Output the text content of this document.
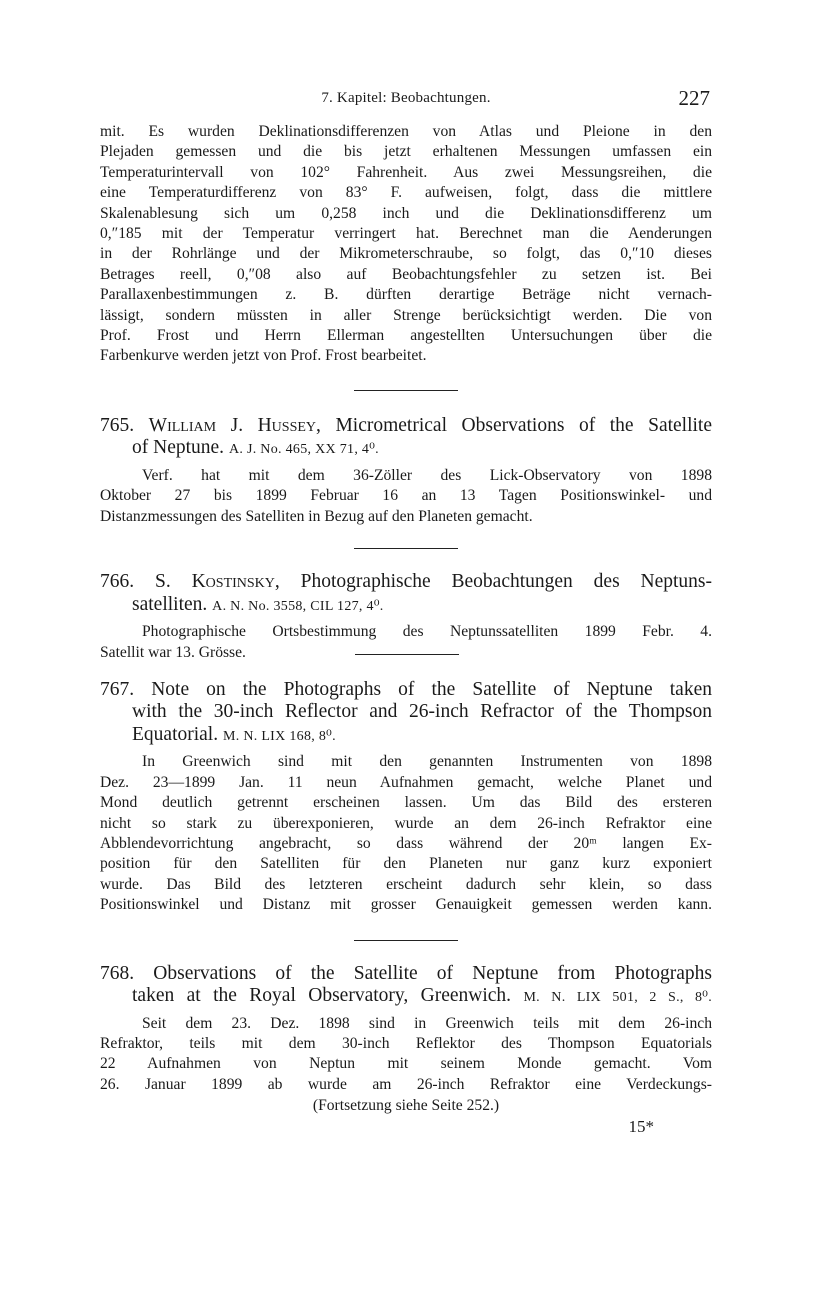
7. Kapitel: Beobachtungen.	227
mit. Es wurden Deklinationsdifferenzen von Atlas und Pleione in den
Plejaden gemessen und die bis jetzt erhaltenen Messungen umfassen ein
Temperaturintervall von 102° Fahrenheit. Aus zwei Messungsreihen, die
eine Temperaturdifferenz von 83° F. aufweisen, folgt, dass die mittlere
Skalenablesung sich um 0,258 inch und die Deklinationsdifferenz um
0,″185 mit der Temperatur verringert hat. Berechnet man die Aenderungen
in der Rohrlänge und der Mikrometerschraube, so folgt, das 0,″10 dieses
Betrages reell, 0,″08 also auf Beobachtungsfehler zu setzen ist. Bei
Parallaxenbestimmungen z. B. dürften derartige Beträge nicht vernach-
lässigt, sondern müssten in aller Strenge berücksichtigt werden. Die von
Prof. Frost und Herrn Ellerman angestellten Untersuchungen über die
Farbenkurve werden jetzt von Prof. Frost bearbeitet.
765. William J. Hussey, Micrometrical Observations of the Satellite
of Neptune. A. J. No. 465, XX 71, 4⁰.
Verf. hat mit dem 36-Zöller des Lick-Observatory von 1898
Oktober 27 bis 1899 Februar 16 an 13 Tagen Positionswinkel- und
Distanzmessungen des Satelliten in Bezug auf den Planeten gemacht.
766. S. Kostinsky, Photographische Beobachtungen des Neptuns-
satelliten. A. N. No. 3558, CIL 127, 4⁰.
Photographische Ortsbestimmung des Neptunssatelliten 1899 Febr. 4.
Satellit war 13. Grösse.
767. Note on the Photographs of the Satellite of Neptune taken
with the 30-inch Reflector and 26-inch Refractor of the Thompson
Equatorial. M. N. LIX 168, 8⁰.
In Greenwich sind mit den genannten Instrumenten von 1898
Dez. 23—1899 Jan. 11 neun Aufnahmen gemacht, welche Planet und
Mond deutlich getrennt erscheinen lassen. Um das Bild des ersteren
nicht so stark zu überexponieren, wurde an dem 26-inch Refraktor eine
Abblendevorrichtung angebracht, so dass während der 20ᵐ langen Ex-
position für den Satelliten für den Planeten nur ganz kurz exponiert
wurde. Das Bild des letzteren erscheint dadurch sehr klein, so dass
Positionswinkel und Distanz mit grosser Genauigkeit gemessen werden kann.
768. Observations of the Satellite of Neptune from Photographs
taken at the Royal Observatory, Greenwich. M. N. LIX 501, 2 S., 8⁰.
Seit dem 23. Dez. 1898 sind in Greenwich teils mit dem 26-inch
Refraktor, teils mit dem 30-inch Reflektor des Thompson Equatorials
22 Aufnahmen von Neptun mit seinem Monde gemacht. Vom
26. Januar 1899 ab wurde am 26-inch Refraktor eine Verdeckungs-
(Fortsetzung siehe Seite 252.)
15*
